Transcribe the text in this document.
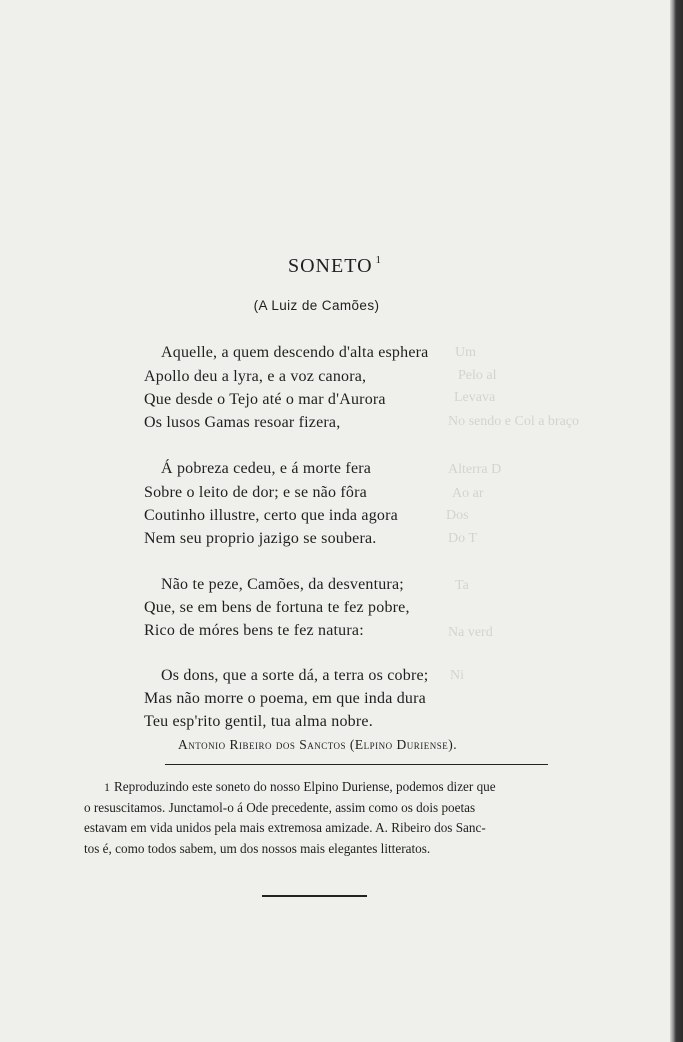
Um
Pelo al
Levava
No sendo e Col a braço
Alterra D
Ao ar
Dos
Do T
Ta
Na verd
Ni
SONETO $^1$
(A Luiz de Camões)
Aquelle, a quem descendo d'alta esphera
Apollo deu a lyra, e a voz canora,
Que desde o Tejo até o mar d'Aurora
Os lusos Gamas resoar fizera,
Á pobreza cedeu, e á morte fera
Sobre o leito de dor; e se não fôra
Coutinho illustre, certo que inda agora
Nem seu proprio jazigo se soubera.
Não te peze, Camões, da desventura;
Que, se em bens de fortuna te fez pobre,
Rico de móres bens te fez natura:
Os dons, que a sorte dá, a terra os cobre;
Mas não morre o poema, em que inda dura
Teu esp'rito gentil, tua alma nobre.
Antonio Ribeiro dos Sanctos (Elpino Duriense).

1 Reproduzindo este soneto do nosso Elpino Duriense, podemos dizer que

o resuscitamos. Junctamol-o á Ode precedente, assim como os dois poetas

estavam em vida unidos pela mais extremosa amizade. A. Ribeiro dos Sanc-

tos é, como todos sabem, um dos nossos mais elegantes litteratos.
